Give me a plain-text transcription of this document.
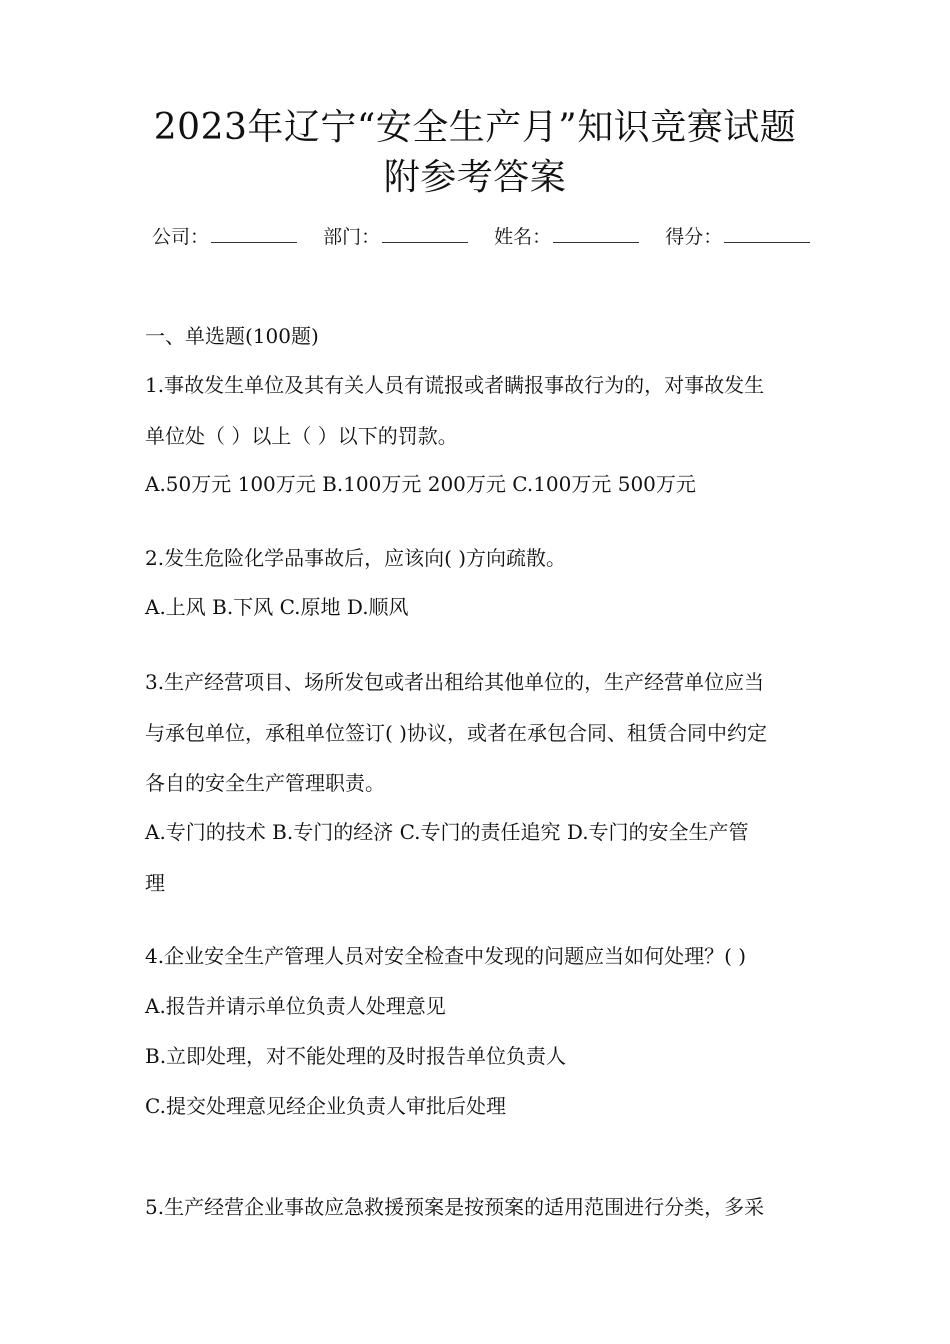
2023年辽宁“安全生产月”知识竞赛试题
附参考答案
公司：	部门：	姓名：	得分：
一、单选题(100题)
1.事故发生单位及其有关人员有谎报或者瞒报事故行为的，对事故发生
单位处（ ）以上（ ）以下的罚款。
A.50万元 100万元 B.100万元 200万元 C.100万元 500万元
2.发生危险化学品事故后，应该向( )方向疏散。
A.上风 B.下风 C.原地 D.顺风
3.生产经营项目、场所发包或者出租给其他单位的，生产经营单位应当
与承包单位，承租单位签订( )协议，或者在承包合同、租赁合同中约定
各自的安全生产管理职责。
A.专门的技术 B.专门的经济 C.专门的责任追究 D.专门的安全生产管
理
4.企业安全生产管理人员对安全检查中发现的问题应当如何处理？( )
A.报告并请示单位负责人处理意见
B.立即处理，对不能处理的及时报告单位负责人
C.提交处理意见经企业负责人审批后处理
5.生产经营企业事故应急救援预案是按预案的适用范围进行分类，多采
